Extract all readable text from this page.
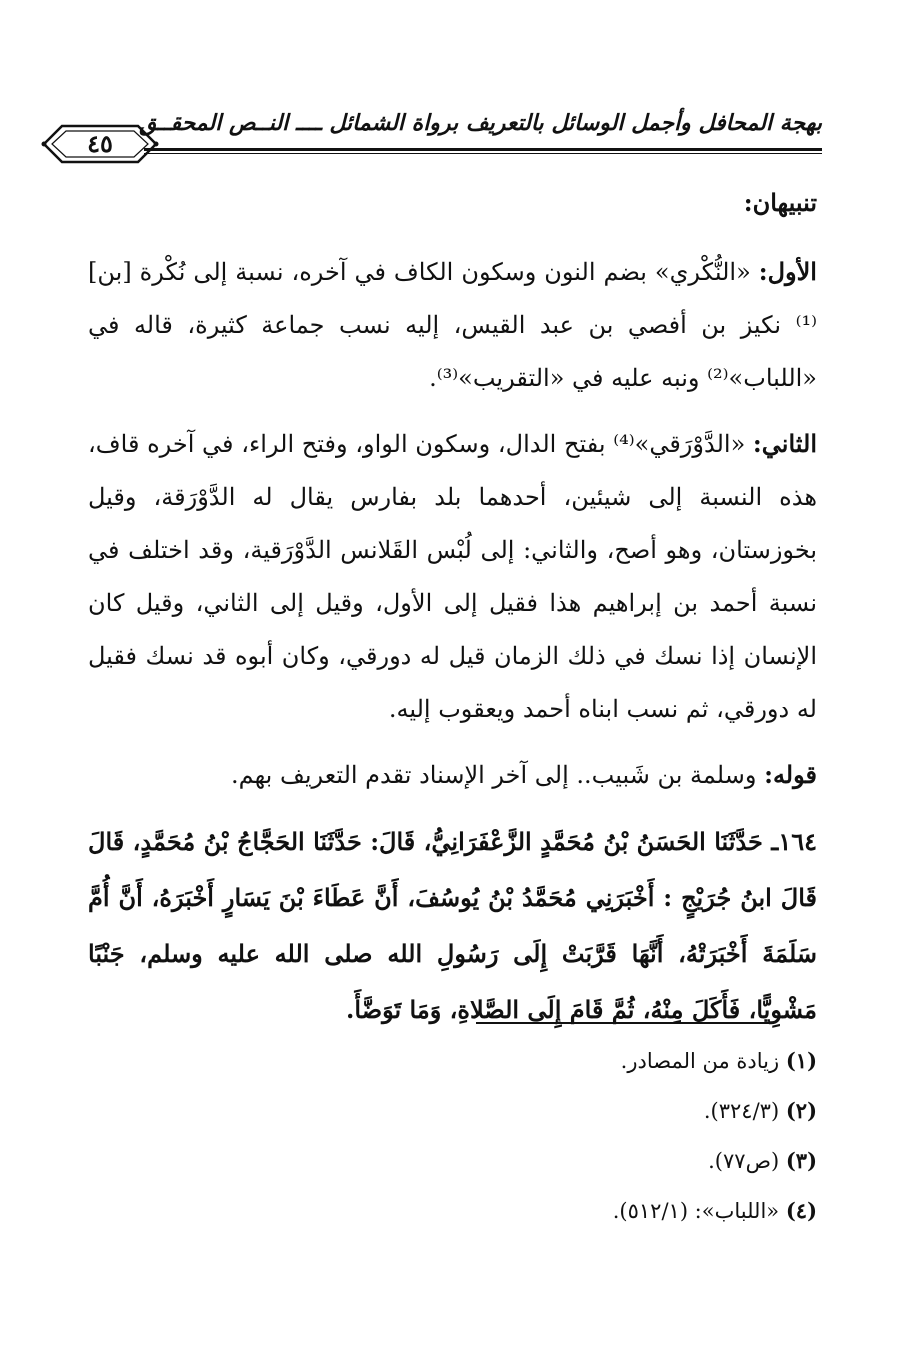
بهجة المحافل وأجمل الوسائل بالتعريف برواة الشمائل ــــ النــص المحقــق
٤٥
تنبيهان:
الأول: «النُّكْري» بضم النون وسكون الكاف في آخره، نسبة إلى نُكْرة [بن]⁽¹⁾ نكيز بن أفصي بن عبد القيس، إليه نسب جماعة كثيرة، قاله في «اللباب»⁽²⁾ ونبه عليه في «التقريب»⁽³⁾.
الثاني: «الدَّوْرَقي»⁽⁴⁾ بفتح الدال، وسكون الواو، وفتح الراء، في آخره قاف، هذه النسبة إلى شيئين، أحدهما بلد بفارس يقال له الدَّوْرَقة، وقيل بخوزستان، وهو أصح، والثاني: إلى لُبْس القَلانس الدَّوْرَقية، وقد اختلف في نسبة أحمد بن إبراهيم هذا فقيل إلى الأول، وقيل إلى الثاني، وقيل كان الإنسان إذا نسك في ذلك الزمان قيل له دورقي، وكان أبوه قد نسك فقيل له دورقي، ثم نسب ابناه أحمد ويعقوب إليه.
قوله: وسلمة بن شَبيب.. إلى آخر الإسناد تقدم التعريف بهم.
١٦٤ـ حَدَّثَنَا الحَسَنُ بْنُ مُحَمَّدٍ الزَّعْفَرَانِيُّ، قَالَ: حَدَّثَنَا الحَجَّاجُ بْنُ مُحَمَّدٍ، قَالَ قَالَ ابنُ جُرَيْجٍ : أَخْبَرَنِي مُحَمَّدُ بْنُ يُوسُفَ، أَنَّ عَطَاءَ بْنَ يَسَارٍ أَخْبَرَهُ، أَنَّ أُمَّ سَلَمَةَ أَخْبَرَتْهُ، أَنَّهَا قَرَّبَتْ إِلَى رَسُولِ الله صلى الله عليه وسلم، جَنْبًا مَشْوِيًّا، فَأَكَلَ مِنْهُ، ثُمَّ قَامَ إِلَى الصَّلاةِ، وَمَا تَوَضَّأَ.
(١) زيادة من المصادر.
(٢) (٣٢٤/٣).
(٣) (ص٧٧).
(٤) «اللباب»: (٥١٢/١).
